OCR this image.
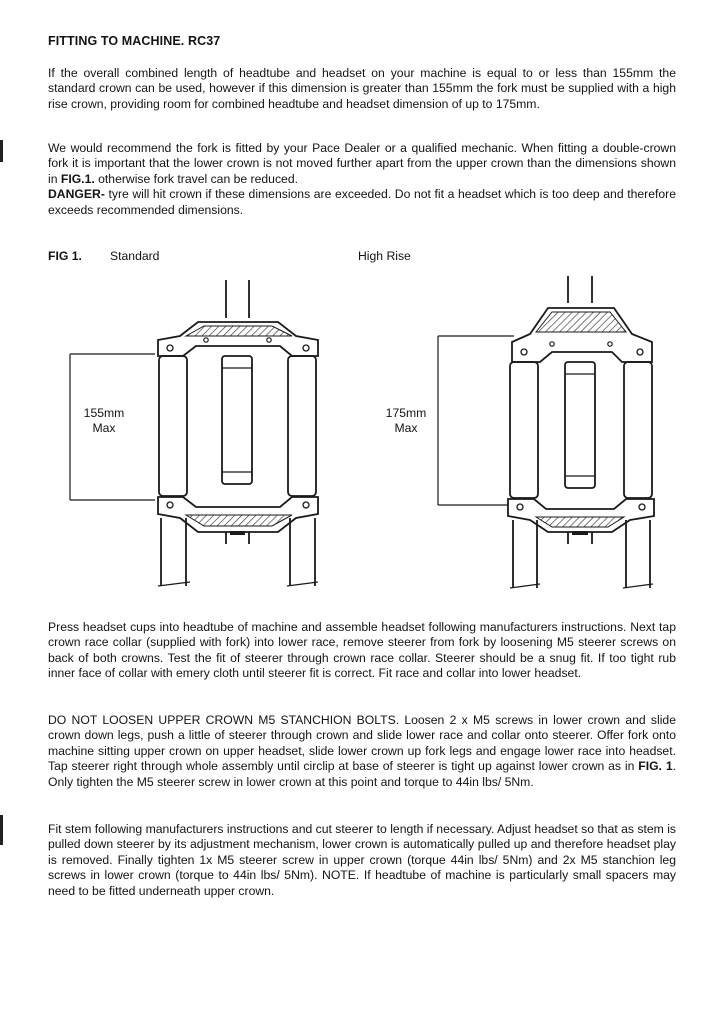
FITTING TO MACHINE. RC37

If the overall combined length of headtube and headset on your machine is equal to or less than 155mm the standard crown can be used, however if this dimension is greater than 155mm the fork must be supplied with a high rise crown, providing room for combined headtube and headset dimension of up to 175mm.

We would recommend the fork is fitted by your Pace Dealer or a qualified mechanic. When fitting a double-crown fork it is important that the lower crown is not moved further apart from the upper crown than the dimensions shown in FIG.1. otherwise fork travel can be reduced.
DANGER- tyre will hit crown if these dimensions are exceeded. Do not fit a headset which is too deep and therefore exceeds recommended dimensions.

FIG 1. Standard	High Rise
155mm
Max
175mm
Max

Press headset cups into headtube of machine and assemble headset following manufacturers instructions. Next tap crown race collar (supplied with fork) into lower race, remove steerer from fork by loosening M5 steerer screws on back of both crowns. Test the fit of steerer through crown race collar. Steerer should be a snug fit. If too tight rub inner face of collar with emery cloth until steerer fit is correct. Fit race and collar into lower headset.

DO NOT LOOSEN UPPER CROWN M5 STANCHION BOLTS. Loosen 2 x M5 screws in lower crown and slide crown down legs, push a little of steerer through crown and slide lower race and collar onto steerer. Offer fork onto machine sitting upper crown on upper headset, slide lower crown up fork legs and engage lower race into headset. Tap steerer right through whole assembly until circlip at base of steerer is tight up against lower crown as in FIG. 1. Only tighten the M5 steerer screw in lower crown at this point and torque to 44in lbs/ 5Nm.

Fit stem following manufacturers instructions and cut steerer to length if necessary. Adjust headset so that as stem is pulled down steerer by its adjustment mechanism, lower crown is automatically pulled up and therefore headset play is removed. Finally tighten 1x M5 steerer screw in upper crown (torque 44in lbs/ 5Nm) and 2x M5 stanchion leg screws in lower crown (torque to 44in lbs/ 5Nm). NOTE. If headtube of machine is particularly small spacers may need to be fitted underneath upper crown.
